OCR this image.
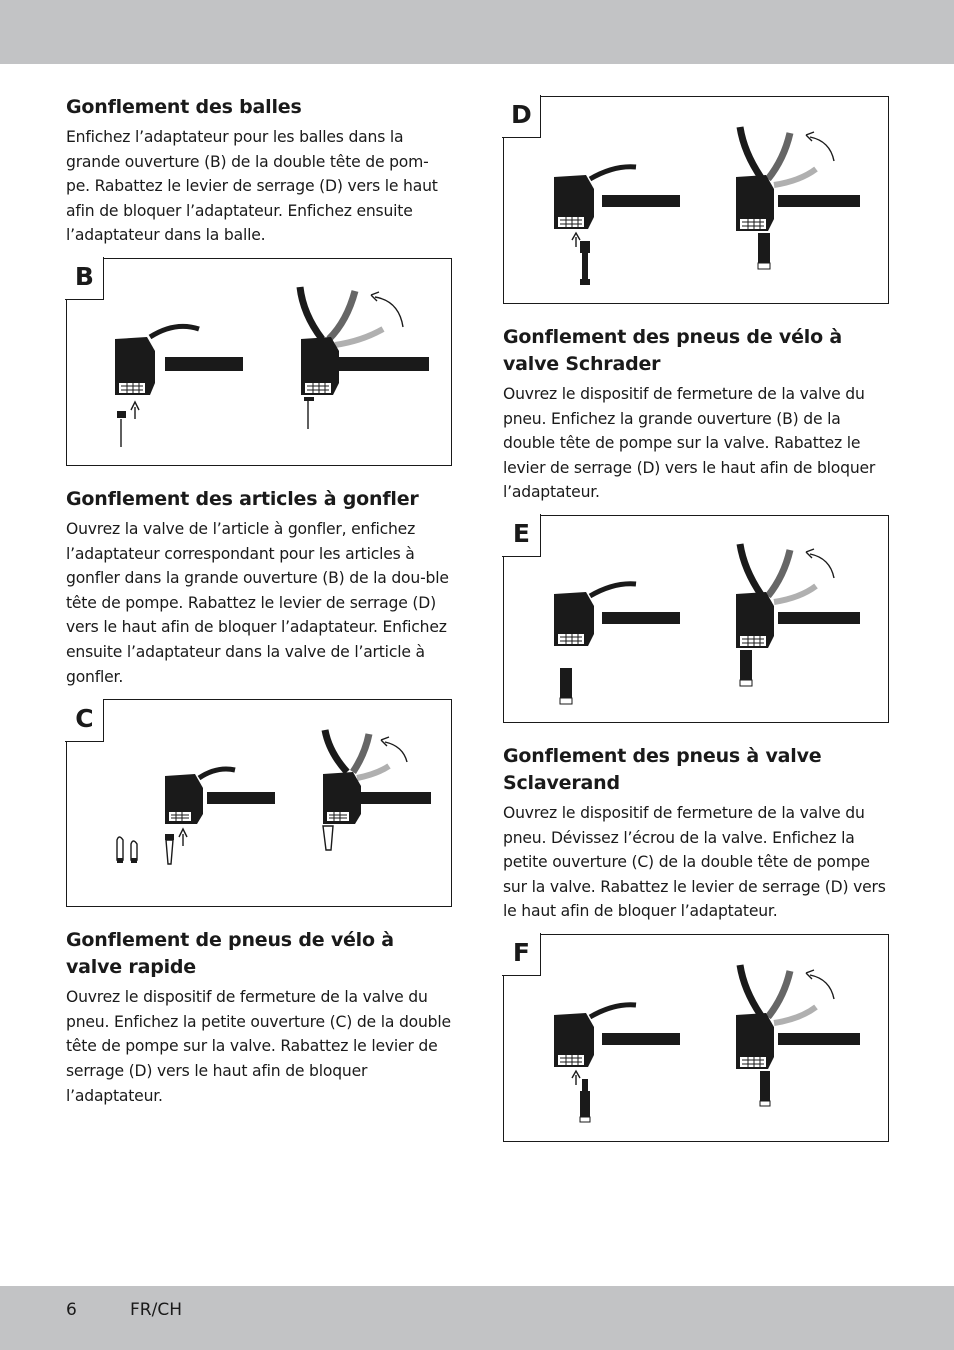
Gonflement des balles

Enfichez l’adaptateur pour les balles dans la grande ouverture (B) de la double tête de pom-pe. Rabattez le levier de serrage (D) vers le haut afin de bloquer l’adaptateur. Enfichez ensuite l’adaptateur dans la balle.

B
Gonflement des articles à gonfler

Ouvrez la valve de l’article à gonfler, enfichez l’adaptateur correspondant pour les articles à gonfler dans la grande ouverture (B) de la dou-ble tête de pompe. Rabattez le levier de serrage (D) vers le haut afin de bloquer l’adaptateur. Enfichez ensuite l’adaptateur dans la valve de l’article à gonfler.

C
Gonflement de pneus de vélo à valve rapide

Ouvrez le dispositif de fermeture de la valve du pneu. Enfichez la petite ouverture (C) de la double tête de pompe sur la valve. Rabattez le levier de serrage (D) vers le haut afin de bloquer l’adaptateur.

D
Gonflement des pneus de vélo à valve Schrader

Ouvrez le dispositif de fermeture de la valve du pneu. Enfichez la grande ouverture (B) de la double tête de pompe sur la valve. Rabattez le levier de serrage (D) vers le haut afin de bloquer l’adaptateur.

E
Gonflement des pneus à valve Sclaverand

Ouvrez le dispositif de fermeture de la valve du pneu. Dévissez l’écrou de la valve. Enfichez la petite ouverture (C) de la double tête de pompe sur la valve. Rabattez le levier de serrage (D) vers le haut afin de bloquer l’adaptateur.

F
6	FR/CH
